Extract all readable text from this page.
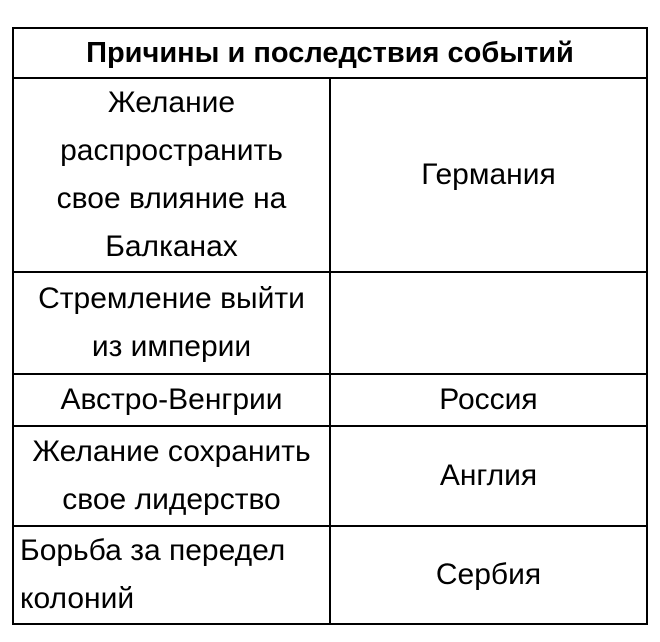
Причины и последствия событий	

Желание
распространить
свое влияние на
Балканах	Германия

Стремление выйти
из империи	

Австро-Венгрии	Россия

Желание сохранить
свое лидерство	Англия

Борьба за передел
колоний	Сербия
